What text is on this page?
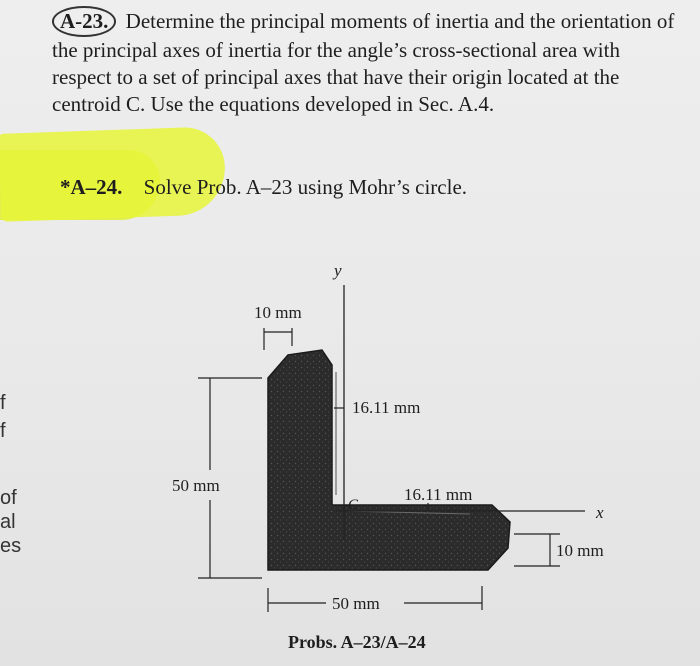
A-23. Determine the principal moments of inertia and the orientation of the principal axes of inertia for the angle’s cross-sectional area with respect to a set of principal axes that have their origin located at the centroid C. Use the equations developed in Sec. A.4.
*A–24. Solve Prob. A–23 using Mohr’s circle.
f
f
of
al
es
y
x
C
10 mm
16.11 mm
50 mm	16.11 mm
10 mm
50 mm
Probs. A–23/A–24
